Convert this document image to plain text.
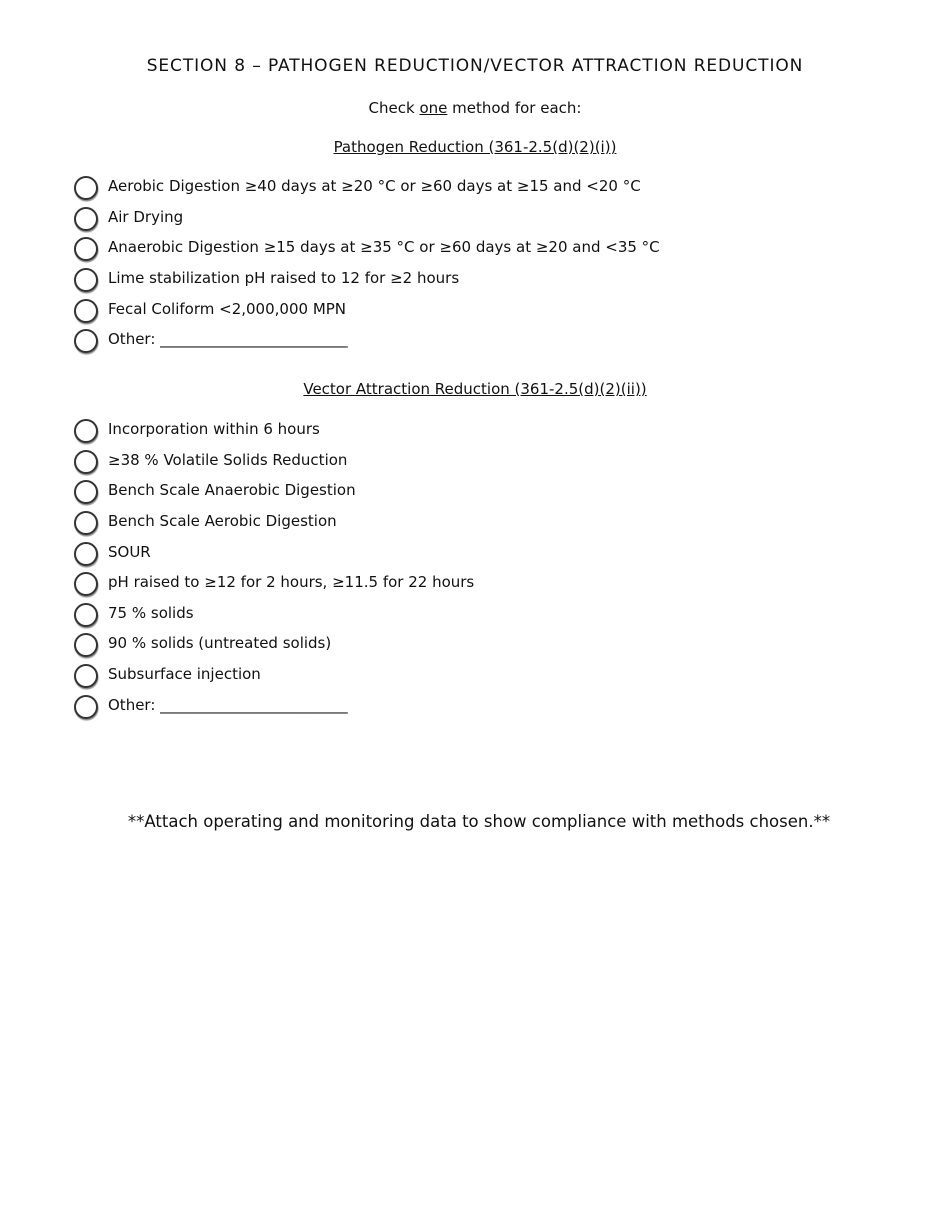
SECTION 8 – PATHOGEN REDUCTION/VECTOR ATTRACTION REDUCTION
Check one method for each:
Pathogen Reduction (361-2.5(d)(2)(i))
Aerobic Digestion ≥40 days at ≥20 °C or ≥60 days at ≥15 and <20 °C
Air Drying
Anaerobic Digestion ≥15 days at ≥35 °C or ≥60 days at ≥20 and <35 °C
Lime stabilization pH raised to 12 for ≥2 hours
Fecal Coliform <2,000,000 MPN
Other: _________________________
Vector Attraction Reduction (361-2.5(d)(2)(ii))
Incorporation within 6 hours
≥38 % Volatile Solids Reduction
Bench Scale Anaerobic Digestion
Bench Scale Aerobic Digestion
SOUR
pH raised to ≥12 for 2 hours, ≥11.5 for 22 hours
75 % solids
90 % solids (untreated solids)
Subsurface injection
Other: _________________________
**Attach operating and monitoring data to show compliance with methods chosen.**
